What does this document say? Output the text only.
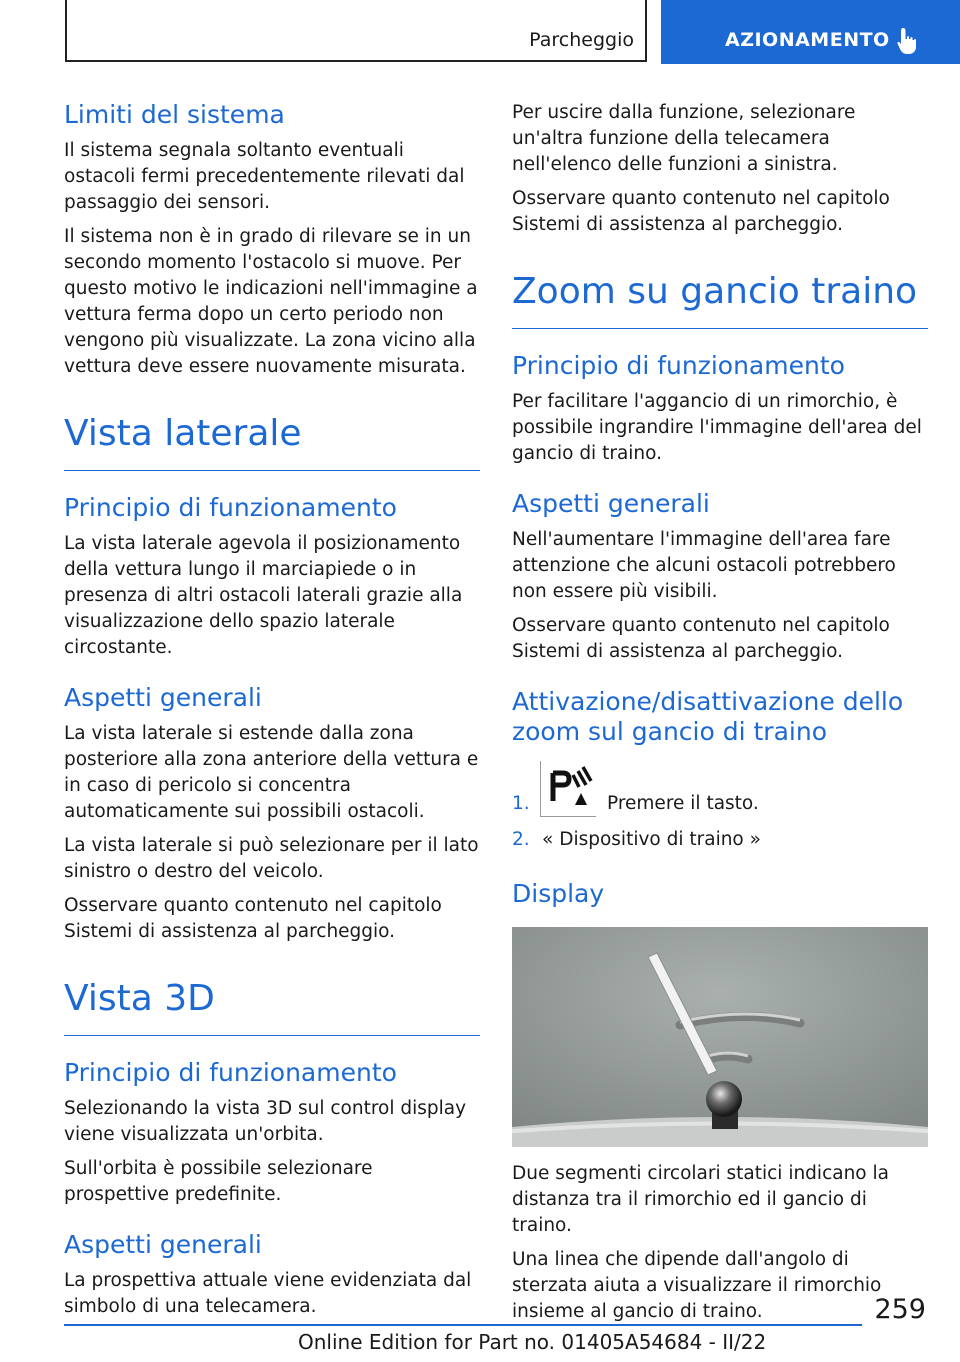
Parcheggio	AZIONAMENTO
Limiti del sistema

Il sistema segnala soltanto eventuali ostacoli fermi precedentemente rilevati dal passaggio dei sensori.

Il sistema non è in grado di rilevare se in un secondo momento l'ostacolo si muove. Per questo motivo le indicazioni nell'immagine a vettura ferma dopo un certo periodo non vengono più visualizzate. La zona vicino alla vettura deve essere nuovamente misurata.

Vista laterale
Principio di funzionamento

La vista laterale agevola il posizionamento della vettura lungo il marciapiede o in presenza di altri ostacoli laterali grazie alla visualizzazione dello spazio laterale circostante.

Aspetti generali

La vista laterale si estende dalla zona posteriore alla zona anteriore della vettura e in caso di pericolo si concentra automaticamente sui possibili ostacoli.

La vista laterale si può selezionare per il lato sinistro o destro del veicolo.

Osservare quanto contenuto nel capitolo Sistemi di assistenza al parcheggio.

Vista 3D
Principio di funzionamento

Selezionando la vista 3D sul control display viene visualizzata un'orbita.

Sull'orbita è possibile selezionare prospettive predefinite.

Aspetti generali

La prospettiva attuale viene evidenziata dal simbolo di una telecamera.

Per uscire dalla funzione, selezionare un'altra funzione della telecamera nell'elenco delle funzioni a sinistra.

Osservare quanto contenuto nel capitolo Sistemi di assistenza al parcheggio.

Zoom su gancio traino
Principio di funzionamento

Per facilitare l'aggancio di un rimorchio, è possibile ingrandire l'immagine dell'area del gancio di traino.

Aspetti generali

Nell'aumentare l'immagine dell'area fare attenzione che alcuni ostacoli potrebbero non essere più visibili.

Osservare quanto contenuto nel capitolo Sistemi di assistenza al parcheggio.

Attivazione/disattivazione dello zoom sul gancio di traino
1.	Premere il tasto.
2. « Dispositivo di traino »
Display

Due segmenti circolari statici indicano la distanza tra il rimorchio ed il gancio di traino.

Una linea che dipende dall'angolo di sterzata aiuta a visualizzare il rimorchio insieme al gancio di traino.	259
Online Edition for Part no. 01405A54684 - II/22
